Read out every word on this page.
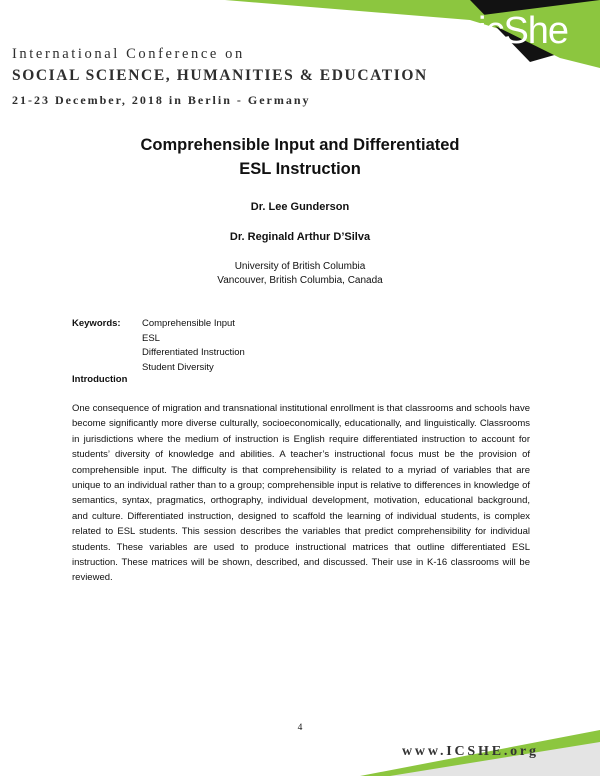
icShe
International Conference on
SOCIAL SCIENCE, HUMANITIES & EDUCATION
21-23 December, 2018 in Berlin - Germany
Comprehensible Input and Differentiated
ESL Instruction
Dr. Lee Gunderson
Dr. Reginald Arthur D’Silva
University of British Columbia
Vancouver, British Columbia, Canada
Keywords: Comprehensible Input
ESL
Differentiated Instruction
Student Diversity
Introduction
One consequence of migration and transnational institutional enrollment is that classrooms and schools have become significantly more diverse culturally, socioeconomically, educationally, and linguistically. Classrooms in jurisdictions where the medium of instruction is English require differentiated instruction to account for students’ diversity of knowledge and abilities. A teacher’s instructional focus must be the provision of comprehensible input. The difficulty is that comprehensibility is related to a myriad of variables that are unique to an individual rather than to a group; comprehensible input is relative to differences in knowledge of semantics, syntax, pragmatics, orthography, individual development, motivation, educational background, and culture. Differentiated instruction, designed to scaffold the learning of individual students, is complex related to ESL students. This session describes the variables that predict comprehensibility for individual students. These variables are used to produce instructional matrices that outline differentiated ESL instruction. These matrices will be shown, described, and discussed. Their use in K-16 classrooms will be reviewed.
4
www.ICSHE.org
